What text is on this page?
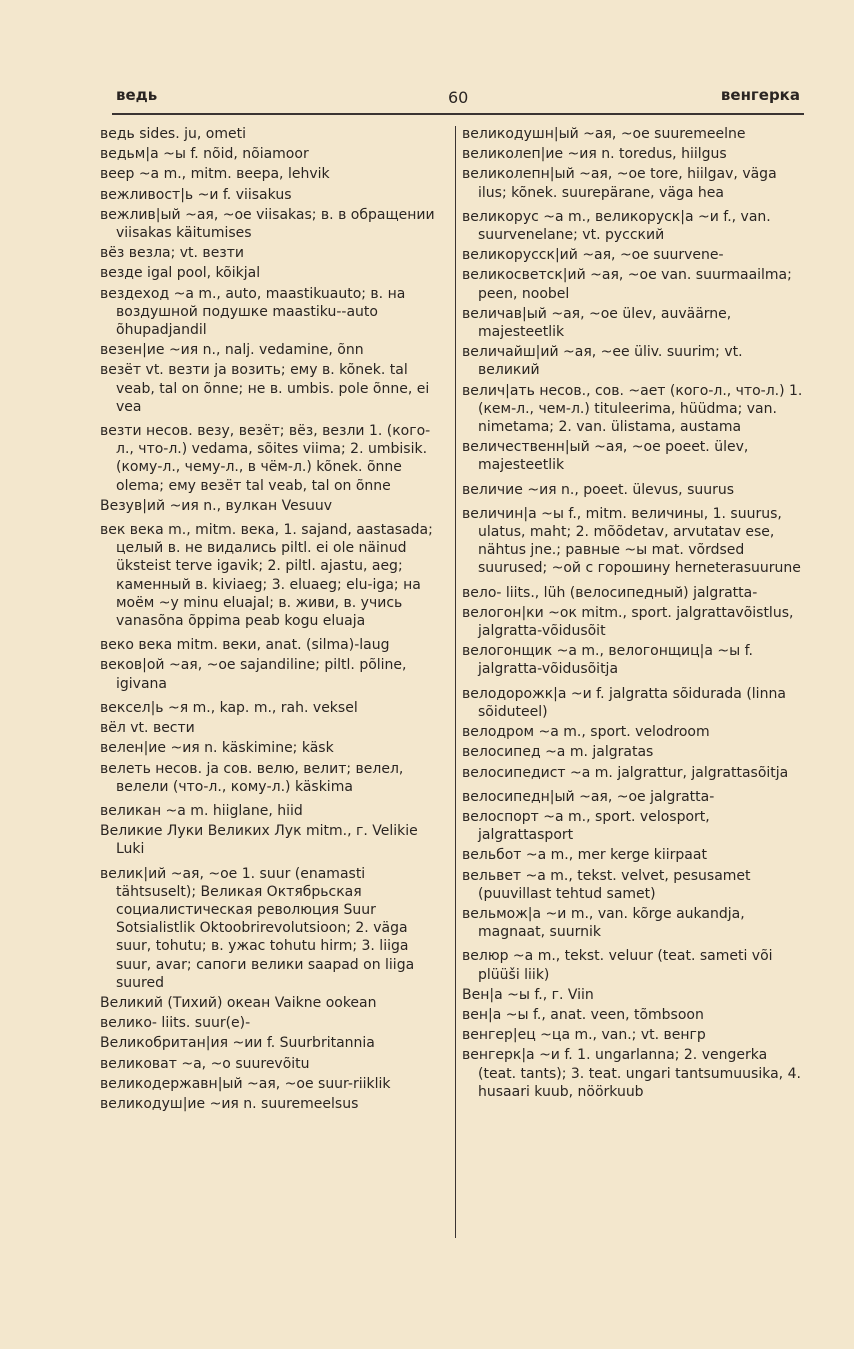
ведь	60	венгерка
ведь sides. ju, ometi
ведьм|а ~ы f. nõid, nõiamoor
веер ~а m., mitm. веера, lehvik
вежливост|ь ~и f. viisakus
вежлив|ый ~ая, ~ое viisakas; в. в обращении viisakas käitumises
вёз везла; vt. везти
везде igal pool, kõikjal
вездеход ~а m., auto, maastikuauto; в. на воздушной подушке maastiku--auto õhupadjandil
везен|ие ~ия n., nalj. vedamine, õnn
везёт vt. везти ja возить; ему в. kõnek. tal veab, tal on õnne; не в. umbis. pole õnne, ei vea
везти несов. везу, везёт; вёз, везли 1. (кого-л., что-л.) vedama, sõites viima; 2. umbisik. (кому-л., чему-л., в чём-л.) kõnek. õnne olema; ему везёт tal veab, tal on õnne
Везув|ий ~ия n., вулкан Vesuuv
век века m., mitm. века, 1. sajand, aastasada; целый в. не видались piltl. ei ole näinud üksteist terve igavik; 2. piltl. ajastu, aeg; каменный в. kiviaeg; 3. eluaeg; elu-iga; на моём ~у minu eluajal; в. живи, в. учись vanasõna õppima peab kogu eluaja
веко века mitm. веки, anat. (silma)-laug
веков|ой ~ая, ~ое sajandiline; piltl. põline, igivana
вексел|ь ~я m., kap. m., rah. veksel
вёл vt. вести
велен|ие ~ия n. käskimine; käsk
велеть несов. ja сов. велю, велит; велел, велели (что-л., кому-л.) käskima
великан ~а m. hiiglane, hiid
Великие Луки Великих Лук mitm., г. Velikie Luki
велик|ий ~ая, ~ое 1. suur (enamasti tähtsuselt); Великая Октябрьская социалистическая революция Suur Sotsialistlik Oktoobrirevolutsioon; 2. väga suur, tohutu; в. ужас tohutu hirm; 3. liiga suur, avar; сапоги велики saapad on liiga suured
Великий (Тихий) океан Vaikne ookean
велико- liits. suur(e)-
Великобритан|ия ~ии f. Suurbritannia
великоват ~а, ~о suurevõitu
великодержавн|ый ~ая, ~ое suur-riiklik
великодуш|ие ~ия n. suuremeelsus
великодушн|ый ~ая, ~ое suuremeelne
великолеп|ие ~ия n. toredus, hiilgus
великолепн|ый ~ая, ~ое tore, hiilgav, väga ilus; kõnek. suurepärane, väga hea
великорус ~а m., великоруск|а ~и f., van. suurvenelane; vt. русский
великорусск|ий ~ая, ~ое suurvene-
великосветск|ий ~ая, ~ое van. suurmaailma; peen, noobel
величав|ый ~ая, ~ое ülev, auväärne, majesteetlik
величайш|ий ~ая, ~ее üliv. suurim; vt. великий
велич|ать несов., сов. ~ает (кого-л., что-л.) 1. (кем-л., чем-л.) tituleerima, hüüdma; van. nimetama; 2. van. ülistama, austama
величественн|ый ~ая, ~ое poeet. ülev, majesteetlik
величие ~ия n., poeet. ülevus, suurus
величин|а ~ы f., mitm. величины, 1. suurus, ulatus, maht; 2. mõõdetav, arvutatav ese, nähtus jne.; равные ~ы mat. võrdsed suurused; ~ой с горошину herneterasuurune
вело- liits., lüh (велосипедный) jalgratta-
велогон|ки ~ок mitm., sport. jalgrattavõistlus, jalgratta-võidusõit
велогонщик ~а m., велогонщиц|а ~ы f. jalgratta-võidusõitja
велодорожк|а ~и f. jalgratta sõidurada (linna sõiduteel)
велодром ~а m., sport. velodroom
велосипед ~а m. jalgratas
велосипедист ~а m. jalgrattur, jalgrattasõitja
велосипедн|ый ~ая, ~ое jalgratta-
велоспорт ~а m., sport. velosport, jalgrattasport
вельбот ~а m., mer kerge kiirpaat
вельвет ~а m., tekst. velvet, pesusamet (puuvillast tehtud samet)
вельмож|а ~и m., van. kõrge aukandja, magnaat, suurnik
велюр ~а m., tekst. veluur (teat. sameti või plüüši liik)
Вен|а ~ы f., г. Viin
вен|а ~ы f., anat. veen, tõmbsoon
венгер|ец ~ца m., van.; vt. венгр
венгерк|а ~и f. 1. ungarlanna; 2. vengerka (teat. tants); 3. teat. ungari tantsumuusika, 4. husaari kuub, nöörkuub
